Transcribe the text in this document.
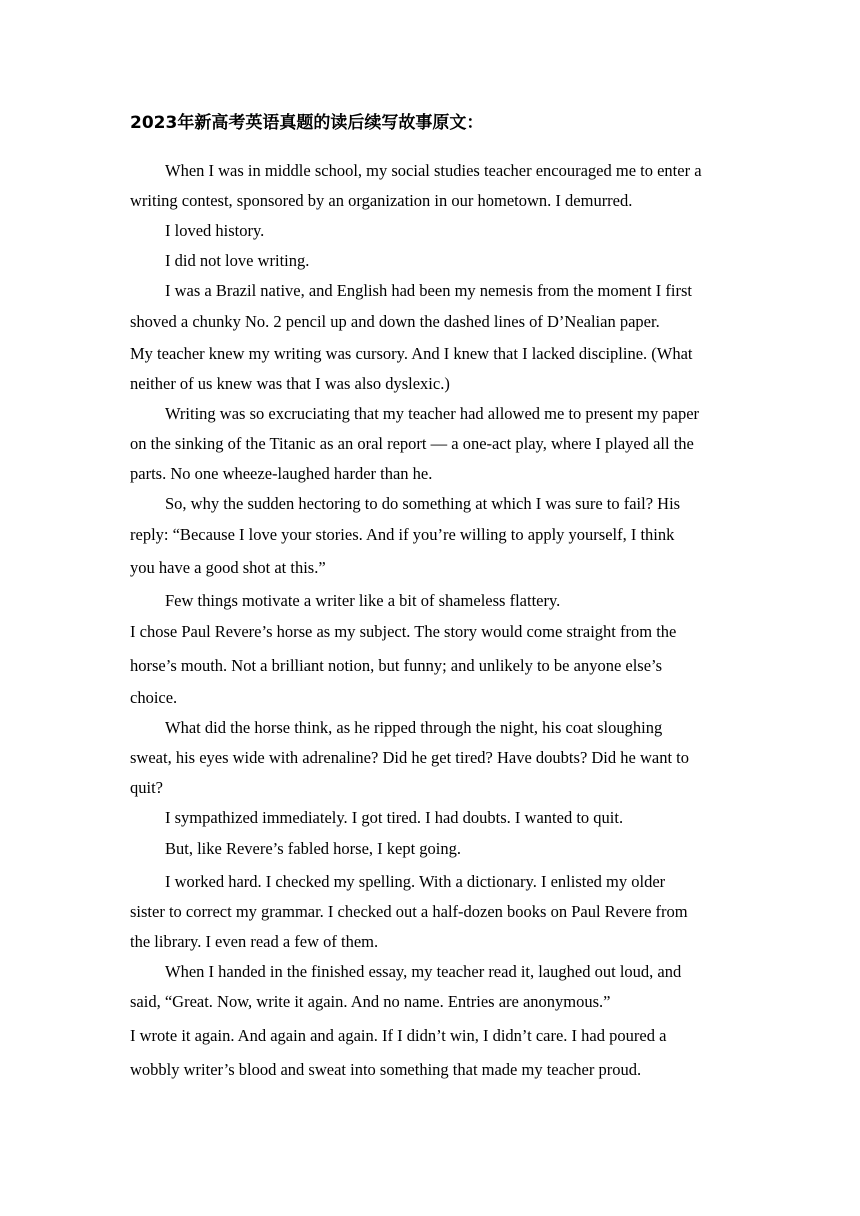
2023年新高考英语真题的读后续写故事原文：

When I was in middle school, my social studies teacher encouraged me to enter a

writing contest, sponsored by an organization in our hometown. I demurred.

I loved history.

I did not love writing.

I was a Brazil native, and English had been my nemesis from the moment I first

shoved a chunky No. 2 pencil up and down the dashed lines of D’Nealian paper.

My teacher knew my writing was cursory. And I knew that I lacked discipline. (What

neither of us knew was that I was also dyslexic.)

Writing was so excruciating that my teacher had allowed me to present my paper

on the sinking of the Titanic as an oral report — a one-act play, where I played all the

parts. No one wheeze-laughed harder than he.

So, why the sudden hectoring to do something at which I was sure to fail? His

reply: “Because I love your stories. And if you’re willing to apply yourself, I think

you have a good shot at this.”

Few things motivate a writer like a bit of shameless flattery.

I chose Paul Revere’s horse as my subject. The story would come straight from the

horse’s mouth. Not a brilliant notion, but funny; and unlikely to be anyone else’s

choice.

What did the horse think, as he ripped through the night, his coat sloughing

sweat, his eyes wide with adrenaline? Did he get tired? Have doubts? Did he want to

quit?

I sympathized immediately. I got tired. I had doubts. I wanted to quit.

But, like Revere’s fabled horse, I kept going.

I worked hard. I checked my spelling. With a dictionary. I enlisted my older

sister to correct my grammar. I checked out a half-dozen books on Paul Revere from

the library. I even read a few of them.

When I handed in the finished essay, my teacher read it, laughed out loud, and

said, “Great. Now, write it again. And no name. Entries are anonymous.”

I wrote it again. And again and again. If I didn’t win, I didn’t care. I had poured a

wobbly writer’s blood and sweat into something that made my teacher proud.
